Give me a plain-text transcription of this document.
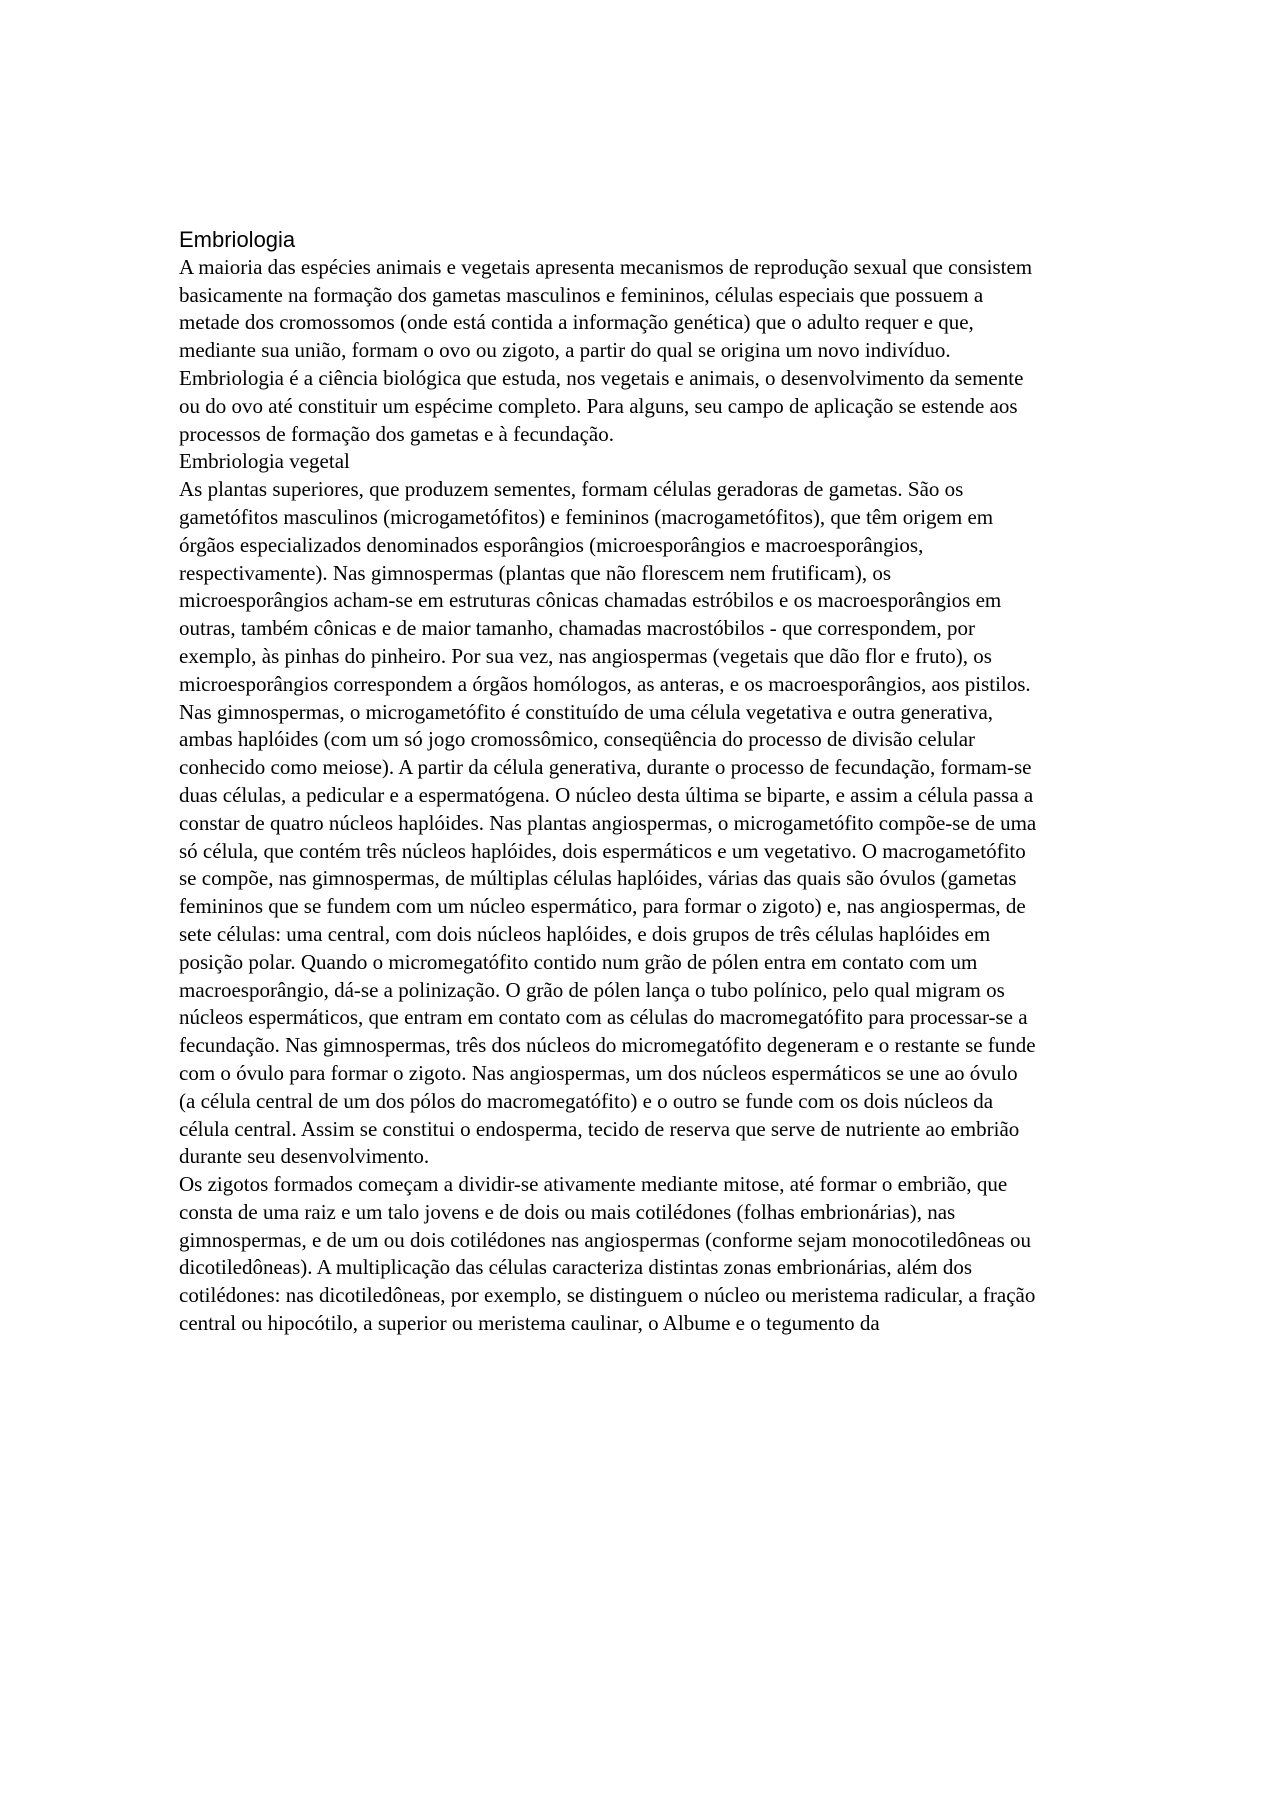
Embriologia

A maioria das espécies animais e vegetais apresenta mecanismos de reprodução sexual que consistem basicamente na formação dos gametas masculinos e femininos, células especiais que possuem a metade dos cromossomos (onde está contida a informação genética) que o adulto requer e que, mediante sua união, formam o ovo ou zigoto, a partir do qual se origina um novo indivíduo.

Embriologia é a ciência biológica que estuda, nos vegetais e animais, o desenvolvimento da semente ou do ovo até constituir um espécime completo. Para alguns, seu campo de aplicação se estende aos processos de formação dos gametas e à fecundação.

Embriologia vegetal

As plantas superiores, que produzem sementes, formam células geradoras de gametas. São os gametófitos masculinos (microgametófitos) e femininos (macrogametófitos), que têm origem em órgãos especializados denominados esporângios (microesporângios e macroesporângios, respectivamente). Nas gimnospermas (plantas que não florescem nem frutificam), os microesporângios acham-se em estruturas cônicas chamadas estróbilos e os macroesporângios em outras, também cônicas e de maior tamanho, chamadas macrostóbilos - que correspondem, por exemplo, às pinhas do pinheiro. Por sua vez, nas angiospermas (vegetais que dão flor e fruto), os microesporângios correspondem a órgãos homólogos, as anteras, e os macroesporângios, aos pistilos.

Nas gimnospermas, o microgametófito é constituído de uma célula vegetativa e outra generativa, ambas haplóides (com um só jogo cromossômico, conseqüência do processo de divisão celular conhecido como meiose). A partir da célula generativa, durante o processo de fecundação, formam-se duas células, a pedicular e a espermatógena. O núcleo desta última se biparte, e assim a célula passa a constar de quatro núcleos haplóides. Nas plantas angiospermas, o microgametófito compõe-se de uma só célula, que contém três núcleos haplóides, dois espermáticos e um vegetativo. O macrogametófito se compõe, nas gimnospermas, de múltiplas células haplóides, várias das quais são óvulos (gametas femininos que se fundem com um núcleo espermático, para formar o zigoto) e, nas angiospermas, de sete células: uma central, com dois núcleos haplóides, e dois grupos de três células haplóides em posição polar. Quando o micromegatófito contido num grão de pólen entra em contato com um macroesporângio, dá-se a polinização. O grão de pólen lança o tubo polínico, pelo qual migram os núcleos espermáticos, que entram em contato com as células do macromegatófito para processar-se a fecundação. Nas gimnospermas, três dos núcleos do micromegatófito degeneram e o restante se funde com o óvulo para formar o zigoto. Nas angiospermas, um dos núcleos espermáticos se une ao óvulo (a célula central de um dos pólos do macromegatófito) e o outro se funde com os dois núcleos da célula central. Assim se constitui o endosperma, tecido de reserva que serve de nutriente ao embrião durante seu desenvolvimento.

Os zigotos formados começam a dividir-se ativamente mediante mitose, até formar o embrião, que consta de uma raiz e um talo jovens e de dois ou mais cotilédones (folhas embrionárias), nas gimnospermas, e de um ou dois cotilédones nas angiospermas (conforme sejam monocotiledôneas ou dicotiledôneas). A multiplicação das células caracteriza distintas zonas embrionárias, além dos cotilédones: nas dicotiledôneas, por exemplo, se distinguem o núcleo ou meristema radicular, a fração central ou hipocótilo, a superior ou meristema caulinar, o Albume e o tegumento da
